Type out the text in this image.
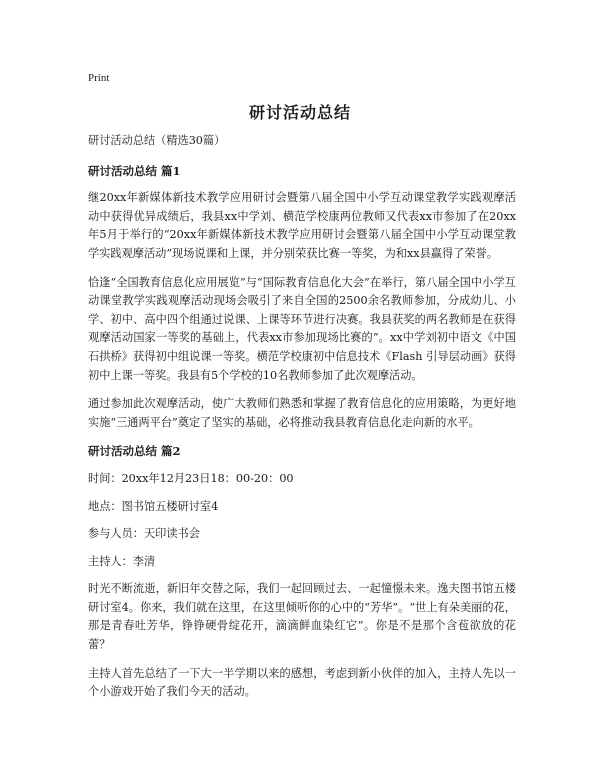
Print
研讨活动总结

研讨活动总结（精选30篇）

研讨活动总结 篇1

继20xx年新媒体新技术教学应用研讨会暨第八届全国中小学互动课堂教学实践观摩活动中获得优异成绩后，我县xx中学刘、横范学校康两位教师又代表xx市参加了在20xx年5月于举行的“20xx年新媒体新技术教学应用研讨会暨第八届全国中小学互动课堂教学实践观摩活动”现场说课和上课，并分别荣获比赛一等奖，为和xx县赢得了荣誉。

恰逢“全国教育信息化应用展览”与“国际教育信息化大会”在举行，第八届全国中小学互动课堂教学实践观摩活动现场会吸引了来自全国的2500余名教师参加，分成幼儿、小学、初中、高中四个组通过说课、上课等环节进行决赛。我县获奖的两名教师是在获得观摩活动国家一等奖的基础上，代表xx市参加现场比赛的“。xx中学刘初中语文《中国石拱桥》获得初中组说课一等奖。横范学校康初中信息技术《Flash 引导层动画》获得初中上课一等奖。我县有5个学校的10名教师参加了此次观摩活动。

通过参加此次观摩活动，使广大教师们熟悉和掌握了教育信息化的应用策略，为更好地实施“三通两平台”奠定了坚实的基础，必将推动我县教育信息化走向新的水平。

研讨活动总结 篇2

时间：20xx年12月23日18：00-20：00

地点：图书馆五楼研讨室4

参与人员：天印读书会

主持人：李清

时光不断流逝，新旧年交替之际，我们一起回顾过去、一起憧憬未来。逸夫图书馆五楼研讨室4。你来，我们就在这里，在这里倾听你的心中的“芳华”。“世上有朵美丽的花，那是青春吐芳华，铮铮硬骨绽花开，滴滴鲜血染红它”。你是不是那个含苞欲放的花蕾？

主持人首先总结了一下大一半学期以来的感想，考虑到新小伙伴的加入，主持人先以一个小游戏开始了我们今天的活动。
